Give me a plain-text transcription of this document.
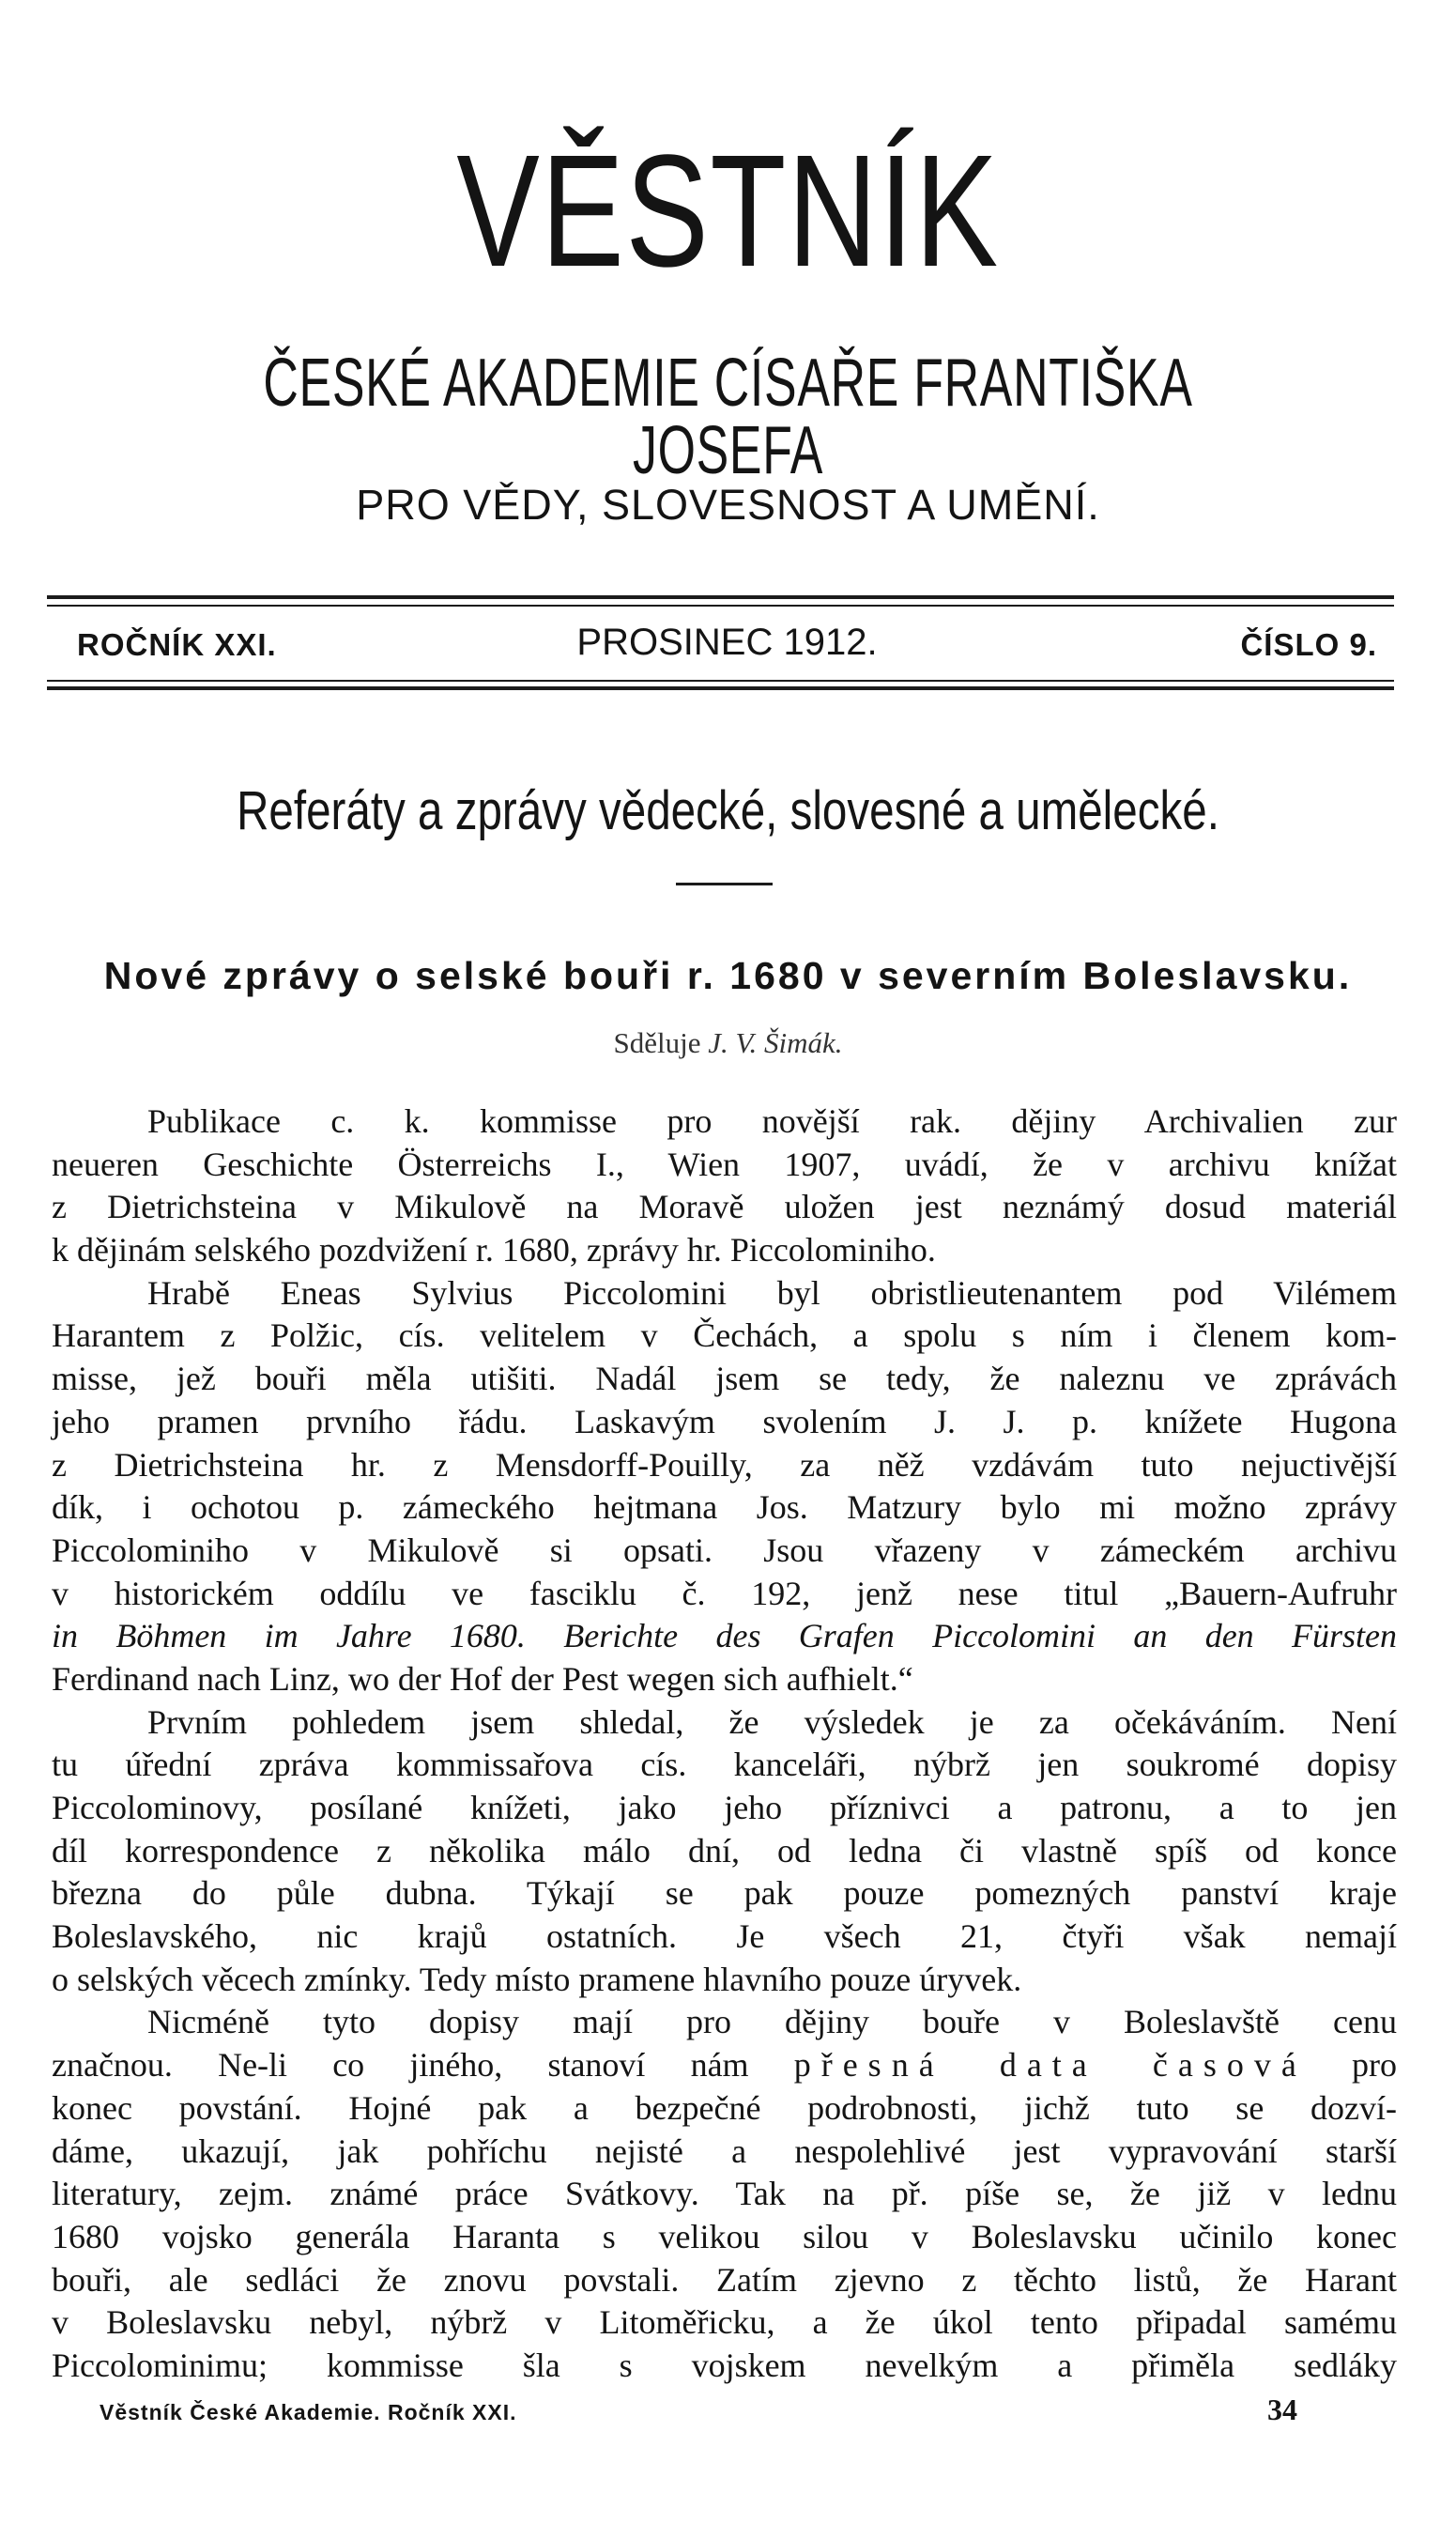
VĚSTNÍK
ČESKÉ AKADEMIE CÍSAŘE FRANTIŠKA JOSEFA
PRO VĚDY, SLOVESNOST A UMĚNÍ.
ROČNÍK XXI.	PROSINEC 1912.	ČÍSLO 9.
Referáty a zprávy vědecké, slovesné a umělecké.
Nové zprávy o selské bouři r. 1680 v severním Boleslavsku.
Sděluje J. V. Šimák.
Publikace c. k. kommisse pro novější rak. dějiny Archivalien zur
neueren Geschichte Österreichs I., Wien 1907, uvádí, že v archivu knížat
z Dietrichsteina v Mikulově na Moravě uložen jest neznámý dosud materiál
k dějinám selského pozdvižení r. 1680, zprávy hr. Piccolominiho.
Hrabě Eneas Sylvius Piccolomini byl obristlieutenantem pod Vilémem
Harantem z Polžic, cís. velitelem v Čechách, a spolu s ním i členem kom-
misse, jež bouři měla utišiti. Nadál jsem se tedy, že naleznu ve zprávách
jeho pramen prvního řádu. Laskavým svolením J. J. p. knížete Hugona
z Dietrichsteina hr. z Mensdorff-Pouilly, za něž vzdávám tuto nejuctivější
dík, i ochotou p. zámeckého hejtmana Jos. Matzury bylo mi možno zprávy
Piccolominiho v Mikulově si opsati. Jsou vřazeny v zámeckém archivu
v historickém oddílu ve fasciklu č. 192, jenž nese titul „Bauern-Aufruhr
in Böhmen im Jahre 1680. Berichte des Grafen Piccolomini an den Fürsten
Ferdinand nach Linz, wo der Hof der Pest wegen sich aufhielt.“
Prvním pohledem jsem shledal, že výsledek je za očekáváním. Není
tu úřední zpráva kommissařova cís. kanceláři, nýbrž jen soukromé dopisy
Piccolominovy, posílané knížeti, jako jeho příznivci a patronu, a to jen
díl korrespondence z několika málo dní, od ledna či vlastně spíš od konce
března do půle dubna. Týkají se pak pouze pomezných panství kraje
Boleslavského, nic krajů ostatních. Je všech 21, čtyři však nemají
o selských věcech zmínky. Tedy místo pramene hlavního pouze úryvek.
Nicméně tyto dopisy mají pro dějiny bouře v Boleslavště cenu
značnou. Ne-li co jiného, stanoví nám přesná data časová pro
konec povstání. Hojné pak a bezpečné podrobnosti, jichž tuto se dozví-
dáme, ukazují, jak pohříchu nejisté a nespolehlivé jest vypravování starší
literatury, zejm. známé práce Svátkovy. Tak na př. píše se, že již v lednu
1680 vojsko generála Haranta s velikou silou v Boleslavsku učinilo konec
bouři, ale sedláci že znovu povstali. Zatím zjevno z těchto listů, že Harant
v Boleslavsku nebyl, nýbrž v Litoměřicku, a že úkol tento připadal samému
Piccolominimu; kommisse šla s vojskem nevelkým a přiměla sedláky
Věstník České Akademie. Ročník XXI.	34
